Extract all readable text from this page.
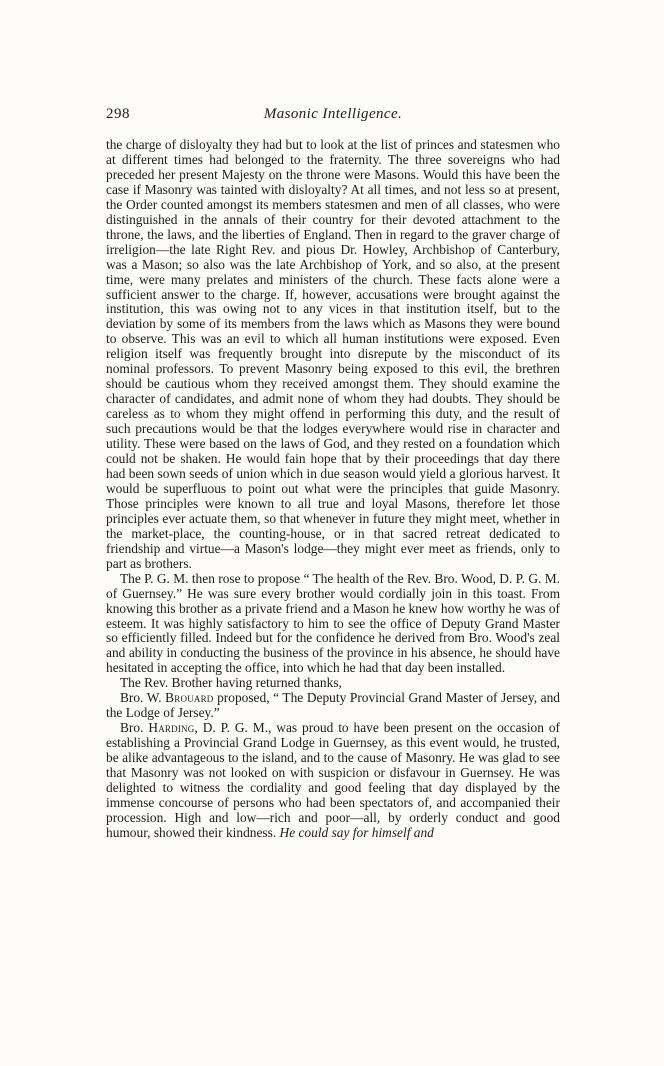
298	Masonic Intelligence.

the charge of disloyalty they had but to look at the list of princes and statesmen who at different times had belonged to the fraternity. The three sovereigns who had preceded her present Majesty on the throne were Masons. Would this have been the case if Masonry was tainted with disloyalty? At all times, and not less so at present, the Order counted amongst its members statesmen and men of all classes, who were distinguished in the annals of their country for their devoted attachment to the throne, the laws, and the liberties of England. Then in regard to the graver charge of irreligion—the late Right Rev. and pious Dr. Howley, Archbishop of Canterbury, was a Mason; so also was the late Archbishop of York, and so also, at the present time, were many prelates and ministers of the church. These facts alone were a sufficient answer to the charge. If, however, accusations were brought against the institution, this was owing not to any vices in that institution itself, but to the deviation by some of its members from the laws which as Masons they were bound to observe. This was an evil to which all human institutions were exposed. Even religion itself was frequently brought into disrepute by the misconduct of its nominal professors. To prevent Masonry being exposed to this evil, the brethren should be cautious whom they received amongst them. They should examine the character of candidates, and admit none of whom they had doubts. They should be careless as to whom they might offend in performing this duty, and the result of such precautions would be that the lodges everywhere would rise in character and utility. These were based on the laws of God, and they rested on a foundation which could not be shaken. He would fain hope that by their proceedings that day there had been sown seeds of union which in due season would yield a glorious harvest. It would be superfluous to point out what were the principles that guide Masonry. Those principles were known to all true and loyal Masons, therefore let those principles ever actuate them, so that whenever in future they might meet, whether in the market-place, the counting-house, or in that sacred retreat dedicated to friendship and virtue—a Mason's lodge—they might ever meet as friends, only to part as brothers.

The P. G. M. then rose to propose “ The health of the Rev. Bro. Wood, D. P. G. M. of Guernsey.” He was sure every brother would cordially join in this toast. From knowing this brother as a private friend and a Mason he knew how worthy he was of esteem. It was highly satisfactory to him to see the office of Deputy Grand Master so efficiently filled. Indeed but for the confidence he derived from Bro. Wood's zeal and ability in conducting the business of the province in his absence, he should have hesitated in accepting the office, into which he had that day been installed.

The Rev. Brother having returned thanks,

Bro. W. Brouard proposed, “ The Deputy Provincial Grand Master of Jersey, and the Lodge of Jersey.”

Bro. Harding, D. P. G. M., was proud to have been present on the occasion of establishing a Provincial Grand Lodge in Guernsey, as this event would, he trusted, be alike advantageous to the island, and to the cause of Masonry. He was glad to see that Masonry was not looked on with suspicion or disfavour in Guernsey. He was delighted to witness the cordiality and good feeling that day displayed by the immense concourse of persons who had been spectators of, and accompanied their procession. High and low—rich and poor—all, by orderly conduct and good humour, showed their kindness. He could say for himself and
